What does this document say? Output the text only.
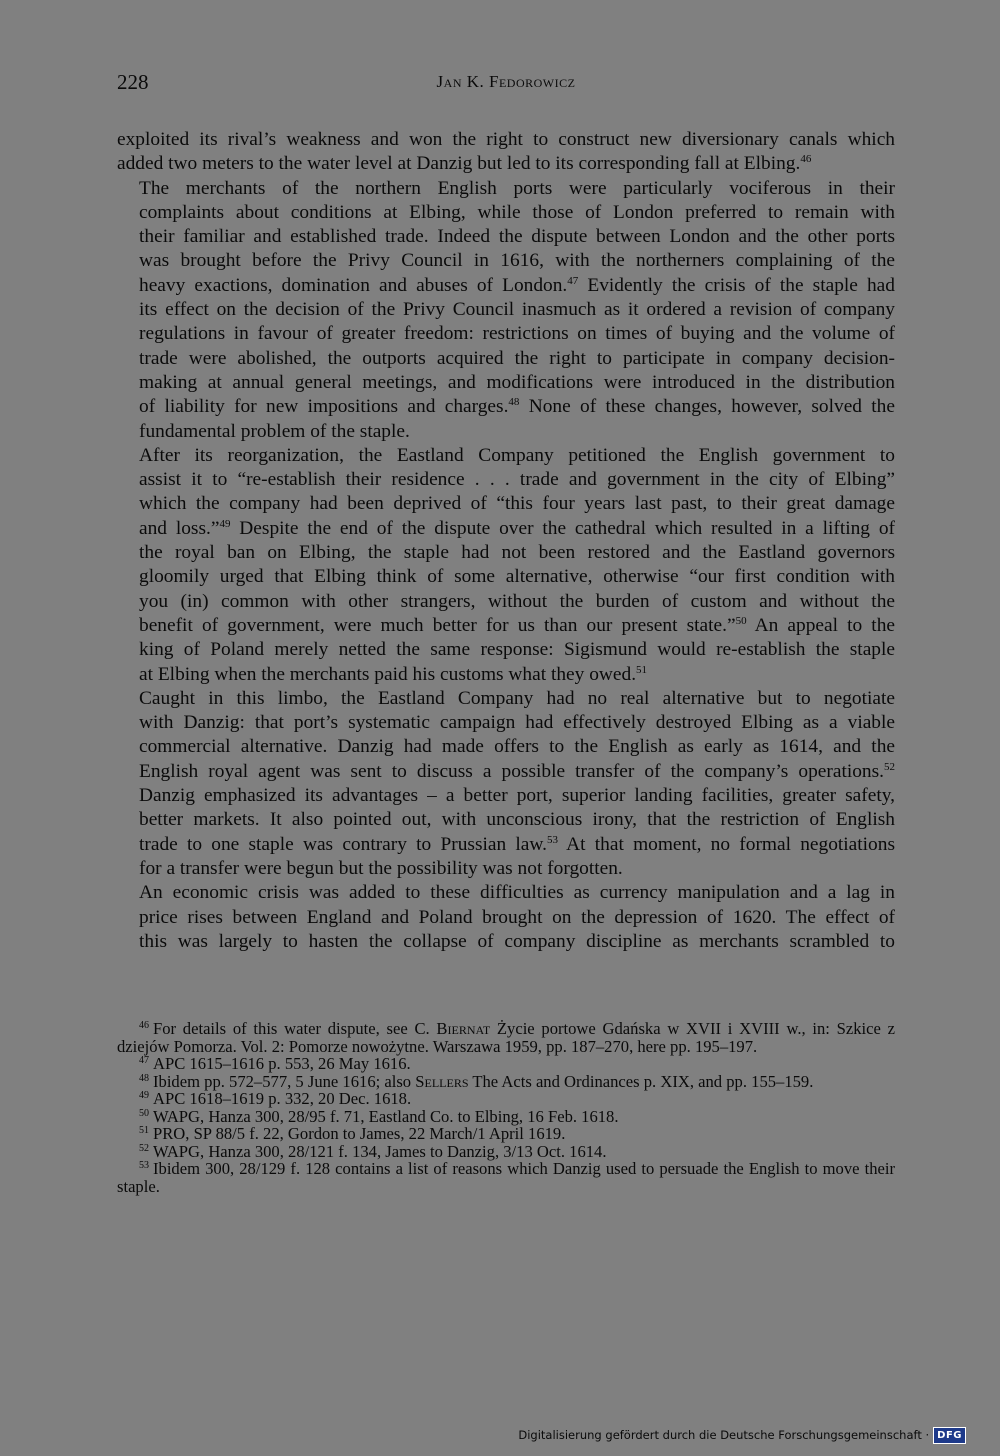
228	Jan K. Fedorowicz

exploited its rival’s weakness and won the right to construct new diversionary canals which
added two meters to the water level at Danzig but led to its corresponding fall at Elbing.$^{46}$

The merchants of the northern English ports were particularly vociferous in their
complaints about conditions at Elbing, while those of London preferred to remain with
their familiar and established trade. Indeed the dispute between London and the other ports
was brought before the Privy Council in 1616, with the northerners complaining of the
heavy exactions, domination and abuses of London.$^{47}$ Evidently the crisis of the staple had
its effect on the decision of the Privy Council inasmuch as it ordered a revision of company
regulations in favour of greater freedom: restrictions on times of buying and the volume of
trade were abolished, the outports acquired the right to participate in company decision-
making at annual general meetings, and modifications were introduced in the distribution
of liability for new impositions and charges.$^{48}$ None of these changes, however, solved the
fundamental problem of the staple.

After its reorganization, the Eastland Company petitioned the English government to
assist it to “re-establish their residence . . . trade and government in the city of Elbing”
which the company had been deprived of “this four years last past, to their great damage
and loss.”$^{49}$ Despite the end of the dispute over the cathedral which resulted in a lifting of
the royal ban on Elbing, the staple had not been restored and the Eastland governors
gloomily urged that Elbing think of some alternative, otherwise “our first condition with
you (in) common with other strangers, without the burden of custom and without the
benefit of government, were much better for us than our present state.”$^{50}$ An appeal to the
king of Poland merely netted the same response: Sigismund would re-establish the staple
at Elbing when the merchants paid his customs what they owed.$^{51}$

Caught in this limbo, the Eastland Company had no real alternative but to negotiate
with Danzig: that port’s systematic campaign had effectively destroyed Elbing as a viable
commercial alternative. Danzig had made offers to the English as early as 1614, and the
English royal agent was sent to discuss a possible transfer of the company’s operations.$^{52}$
Danzig emphasized its advantages – a better port, superior landing facilities, greater safety,
better markets. It also pointed out, with unconscious irony, that the restriction of English
trade to one staple was contrary to Prussian law.$^{53}$ At that moment, no formal negotiations
for a transfer were begun but the possibility was not forgotten.

An economic crisis was added to these difficulties as currency manipulation and a lag in
price rises between England and Poland brought on the depression of 1620. The effect of
this was largely to hasten the collapse of company discipline as merchants scrambled to

$^{46}$ For details of this water dispute, see C. Biernat Życie portowe Gdańska w XVII i XVIII w., in: Szkice z dziejów Pomorza. Vol. 2: Pomorze nowożytne. Warszawa 1959, pp. 187–270, here pp. 195–197.

$^{47}$ APC 1615–1616 p. 553, 26 May 1616.

$^{48}$ Ibidem pp. 572–577, 5 June 1616; also Sellers The Acts and Ordinances p. XIX, and pp. 155–159.

$^{49}$ APC 1618–1619 p. 332, 20 Dec. 1618.

$^{50}$ WAPG, Hanza 300, 28/95 f. 71, Eastland Co. to Elbing, 16 Feb. 1618.

$^{51}$ PRO, SP 88/5 f. 22, Gordon to James, 22 March/1 April 1619.

$^{52}$ WAPG, Hanza 300, 28/121 f. 134, James to Danzig, 3/13 Oct. 1614.

$^{53}$ Ibidem 300, 28/129 f. 128 contains a list of reasons which Danzig used to persuade the English to move their staple.

Digitalisierung gefördert durch die Deutsche Forschungsgemeinschaft · DFG
